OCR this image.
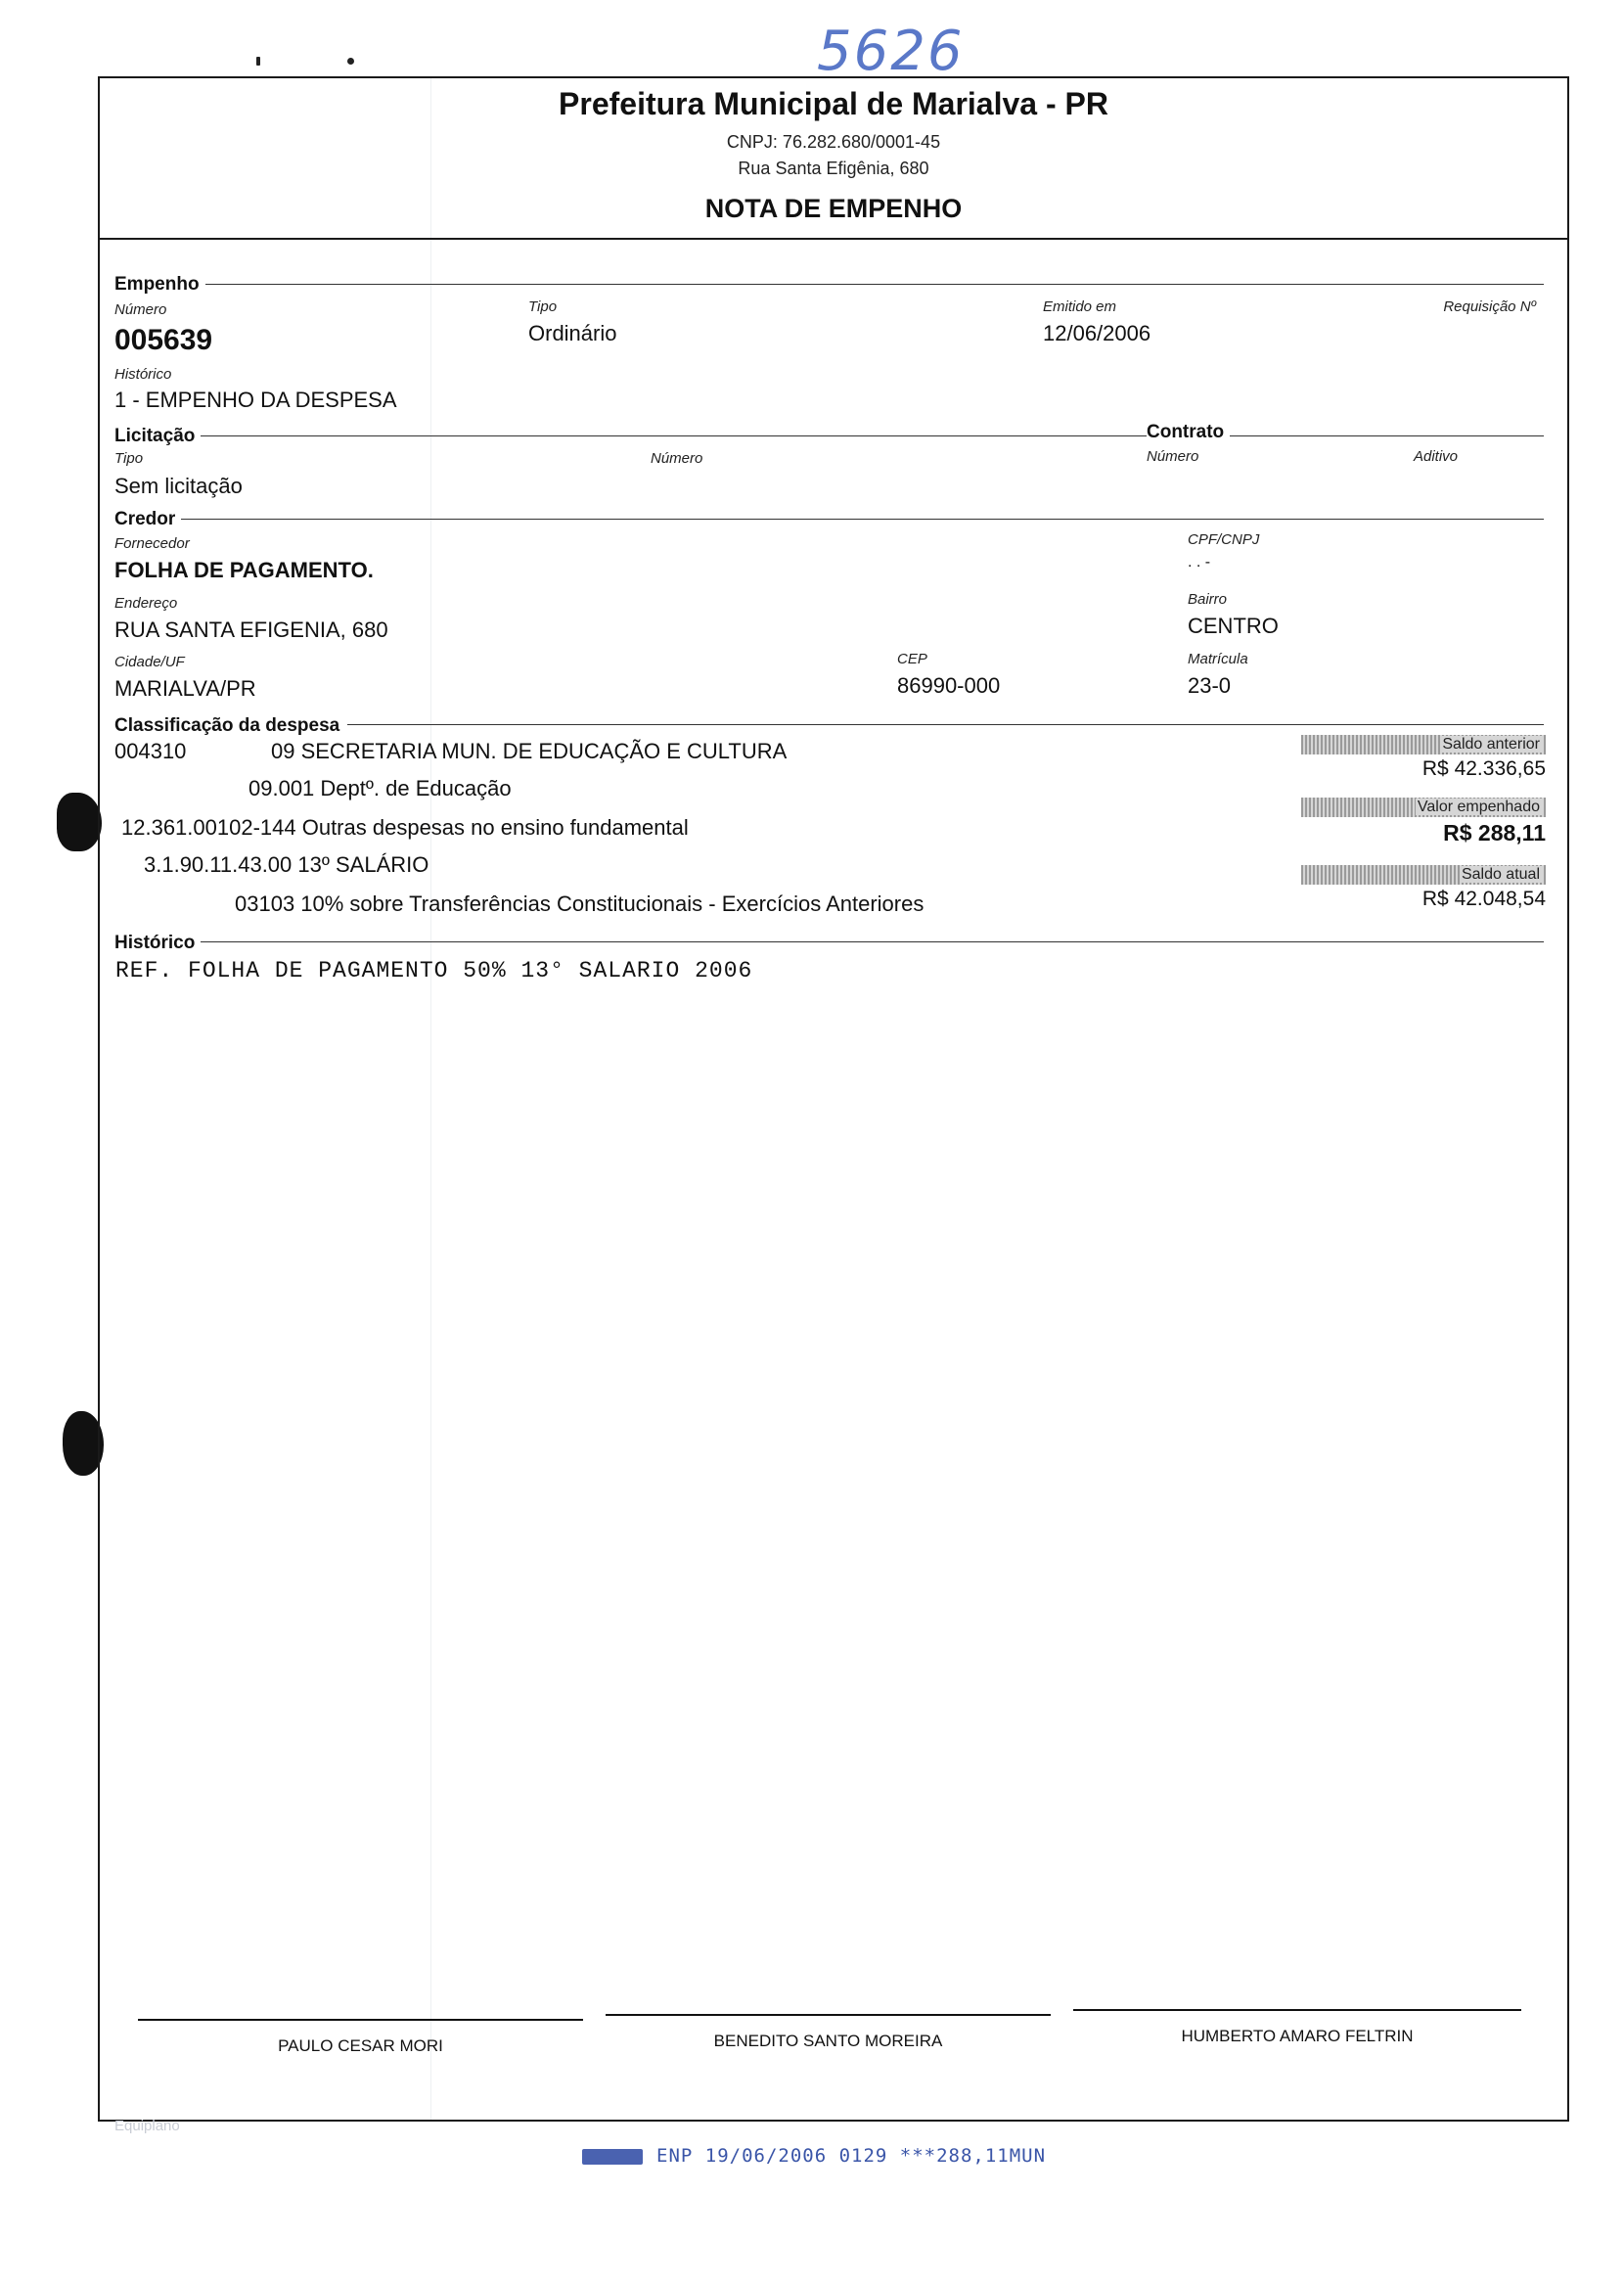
5626
Prefeitura Municipal de Marialva - PR
CNPJ: 76.282.680/0001-45
Rua Santa Efigênia, 680
NOTA DE EMPENHO
Empenho
Número
005639
Tipo
Ordinário
Emitido em
12/06/2006
Requisição Nº
Histórico
1 - EMPENHO DA DESPESA
Licitação	Contrato
Tipo
Sem licitação
Número	Número	Aditivo
Credor
Fornecedor
FOLHA DE PAGAMENTO.
CPF/CNPJ
. . -
Endereço
RUA SANTA EFIGENIA, 680
Bairro
CENTRO
Cidade/UF
MARIALVA/PR
CEP
86990-000
Matrícula
23-0
Classificação da despesa
004310	09 SECRETARIA MUN. DE EDUCAÇÃO E CULTURA
09.001 Deptº. de Educação
12.361.00102-144 Outras despesas no ensino fundamental
3.1.90.11.43.00 13º SALÁRIO
03103 10% sobre Transferências Constitucionais - Exercícios Anteriores
Saldo anterior
R$ 42.336,65
Valor empenhado
R$ 288,11
Saldo atual
R$ 42.048,54
Histórico
REF. FOLHA DE PAGAMENTO 50% 13° SALARIO 2006
PAULO CESAR MORI	BENEDITO SANTO MOREIRA	HUMBERTO AMARO FELTRIN
Equiplano
ENP 19/06/2006 0129 ***288,11MUN
